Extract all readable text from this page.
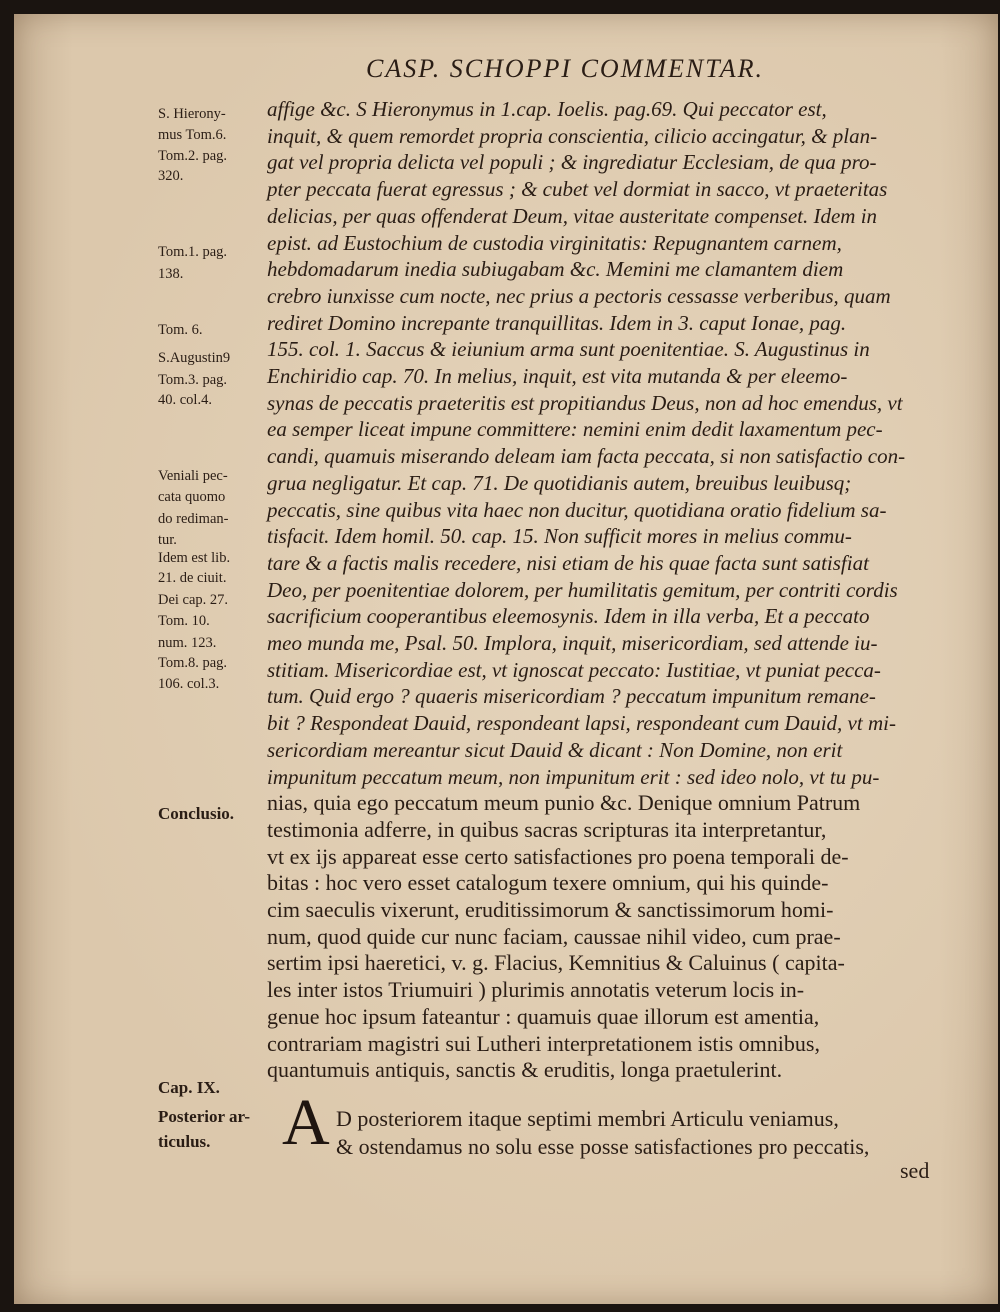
CASP. SCHOPPI COMMENTAR.
S. Hierony-
mus Tom.6.
Tom.2. pag.
320.
Tom.1. pag.
138.
Tom. 6.
S.Augustin9
Tom.3. pag.
40. col.4.
Veniali pec-
cata quomo
do rediman-
tur.
Idem est lib.
21. de ciuit.
Dei cap. 27.
Tom. 10.
num. 123.
Tom.8. pag.
106. col.3.
Conclusio.
Cap. IX.
Posterior ar-
ticulus.
affige &c. S Hieronymus in 1.cap. Ioelis. pag.69. Qui peccator est,
inquit, & quem remordet propria conscientia, cilicio accingatur, & plan-
gat vel propria delicta vel populi ; & ingrediatur Ecclesiam, de qua pro-
pter peccata fuerat egressus ; & cubet vel dormiat in sacco, vt praeteritas
delicias, per quas offenderat Deum, vitae austeritate compenset. Idem in
epist. ad Eustochium de custodia virginitatis: Repugnantem carnem,
hebdomadarum inedia subiugabam &c. Memini me clamantem diem
crebro iunxisse cum nocte, nec prius a pectoris cessasse verberibus, quam
rediret Domino increpante tranquillitas. Idem in 3. caput Ionae, pag.
155. col. 1. Saccus & ieiunium arma sunt poenitentiae. S. Augustinus in
Enchiridio cap. 70. In melius, inquit, est vita mutanda & per eleemo-
synas de peccatis praeteritis est propitiandus Deus, non ad hoc emendus, vt
ea semper liceat impune committere: nemini enim dedit laxamentum pec-
candi, quamuis miserando deleam iam facta peccata, si non satisfactio con-
grua negligatur. Et cap. 71. De quotidianis autem, breuibus leuibusq;
peccatis, sine quibus vita haec non ducitur, quotidiana oratio fidelium sa-
tisfacit. Idem homil. 50. cap. 15. Non sufficit mores in melius commu-
tare & a factis malis recedere, nisi etiam de his quae facta sunt satisfiat
Deo, per poenitentiae dolorem, per humilitatis gemitum, per contriti cordis
sacrificium cooperantibus eleemosynis. Idem in illa verba, Et a peccato
meo munda me, Psal. 50. Implora, inquit, misericordiam, sed attende iu-
stitiam. Misericordiae est, vt ignoscat peccato: Iustitiae, vt puniat pecca-
tum. Quid ergo ? quaeris misericordiam ? peccatum impunitum remane-
bit ? Respondeat Dauid, respondeant lapsi, respondeant cum Dauid, vt mi-
sericordiam mereantur sicut Dauid & dicant : Non Domine, non erit
impunitum peccatum meum, non impunitum erit : sed ideo nolo, vt tu pu-
nias, quia ego peccatum meum punio &c. Denique omnium Patrum
testimonia adferre, in quibus sacras scripturas ita interpretantur,
vt ex ijs appareat esse certo satisfactiones pro poena temporali de-
bitas : hoc vero esset catalogum texere omnium, qui his quinde-
cim saeculis vixerunt, eruditissimorum & sanctissimorum homi-
num, quod quide cur nunc faciam, caussae nihil video, cum prae-
sertim ipsi haeretici, v. g. Flacius, Kemnitius & Caluinus ( capita-
les inter istos Triumuiri ) plurimis annotatis veterum locis in-
genue hoc ipsum fateantur : quamuis quae illorum est amentia,
contrariam magistri sui Lutheri interpretationem istis omnibus,
quantumuis antiquis, sanctis & eruditis, longa praetulerint.
A D posteriorem itaque septimi membri Articulu veniamus,
& ostendamus no solu esse posse satisfactiones pro peccatis,
sed
